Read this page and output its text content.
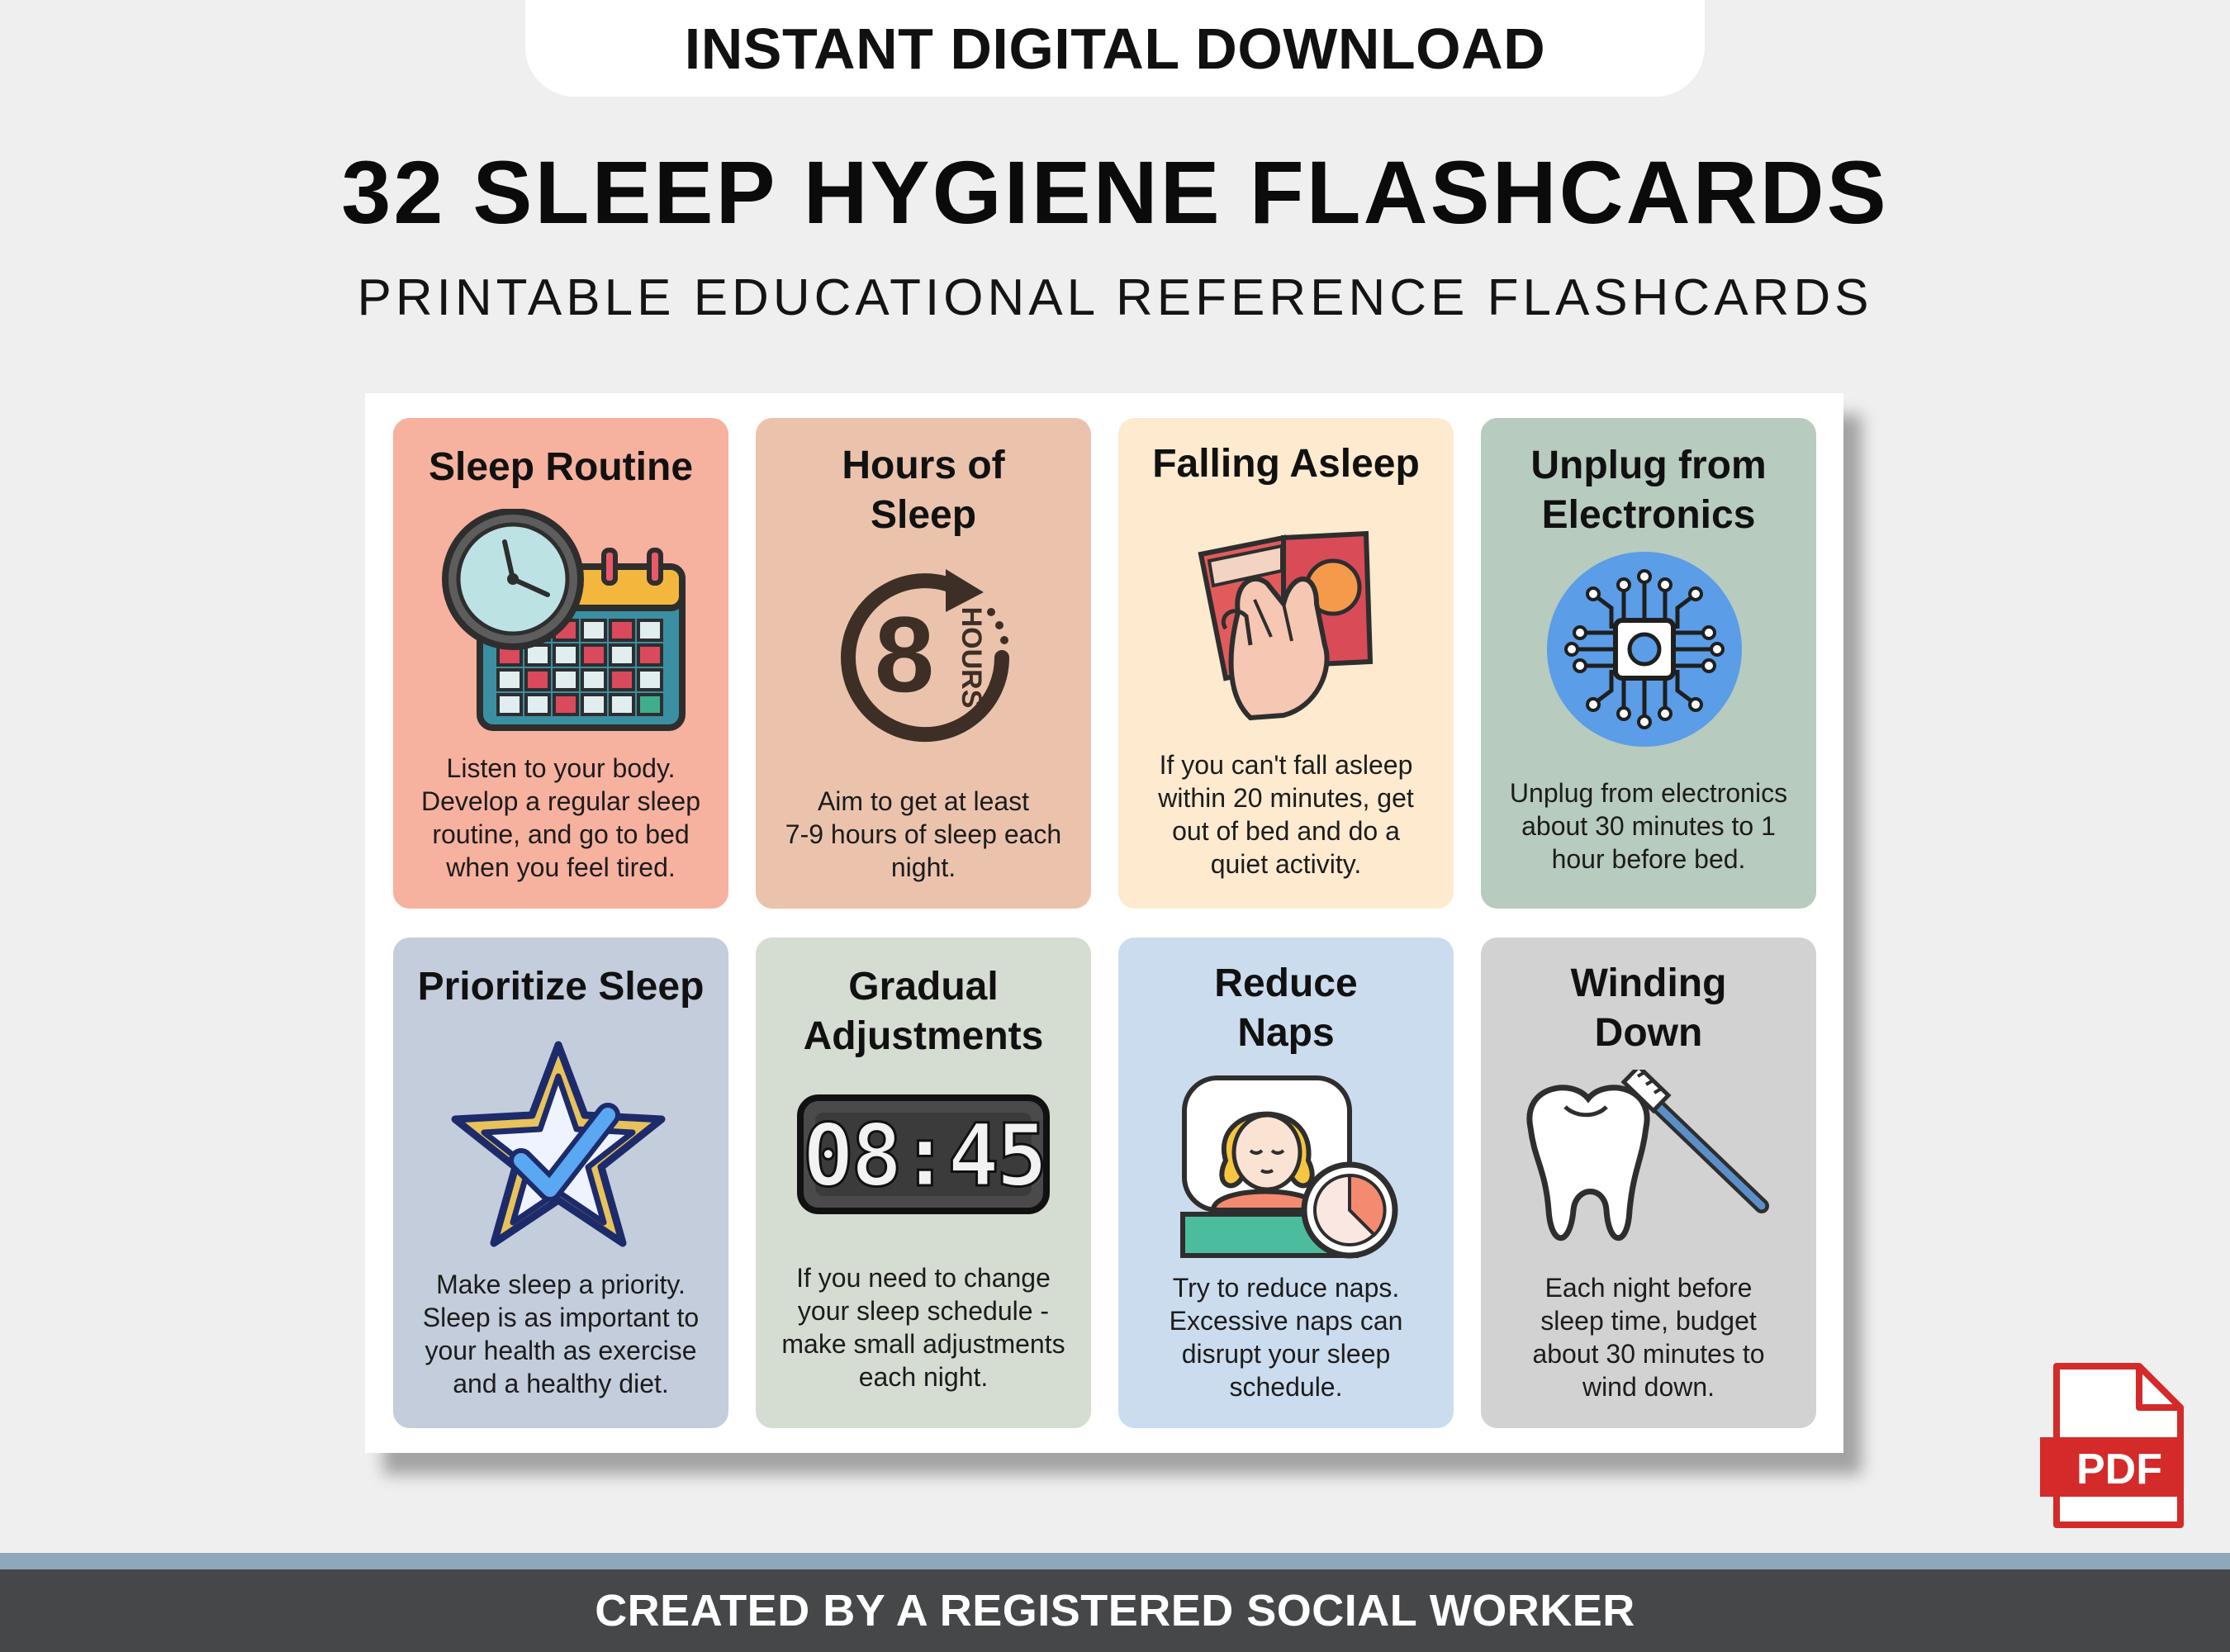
INSTANT DIGITAL DOWNLOAD
32 SLEEP HYGIENE FLASHCARDS
PRINTABLE EDUCATIONAL REFERENCE FLASHCARDS
Sleep Routine
Listen to your body.
Develop a regular sleep
routine, and go to bed
when you feel tired.
Hours of Sleep
8 HOURS
Aim to get at least
7-9 hours of sleep each
night.
Falling Asleep
If you can't fall asleep
within 20 minutes, get
out of bed and do a
quiet activity.
Unplug from Electronics
Unplug from electronics
about 30 minutes to 1
hour before bed.
Prioritize Sleep
Make sleep a priority.
Sleep is as important to
your health as exercise
and a healthy diet.
Gradual Adjustments
08:45
If you need to change
your sleep schedule -
make small adjustments
each night.
Reduce Naps
Try to reduce naps.
Excessive naps can
disrupt your sleep
schedule.
Winding Down
Each night before
sleep time, budget
about 30 minutes to
wind down.
PDF
CREATED BY A REGISTERED SOCIAL WORKER
